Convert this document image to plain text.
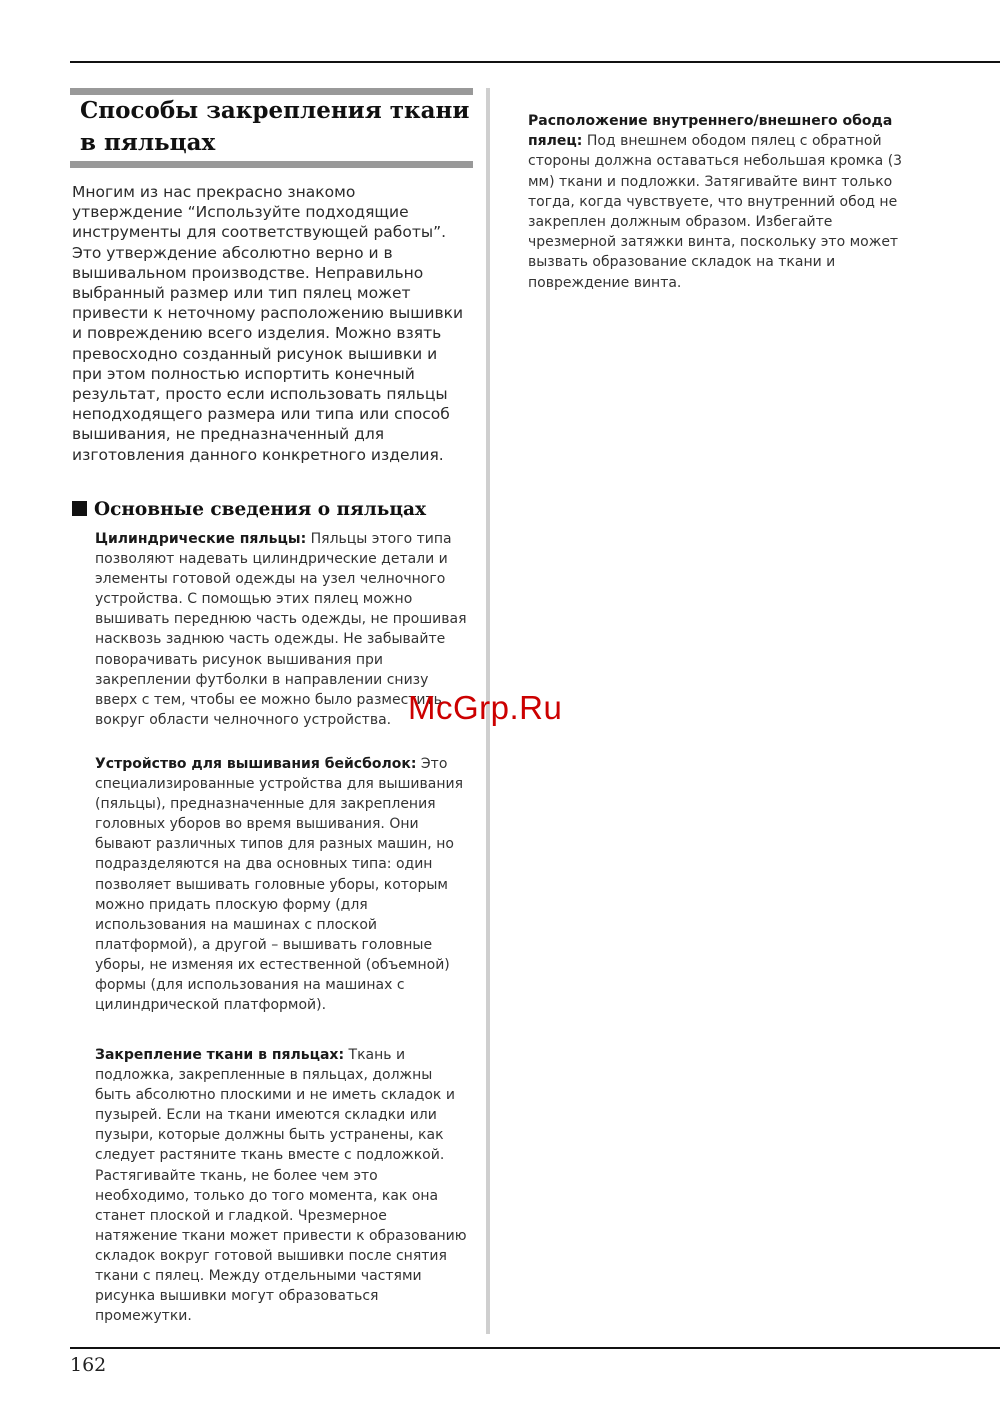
Способы закрепления ткани в пяльцах

Многим из нас прекрасно знакомо утверждение “Используйте подходящие инструменты для соответствующей работы”. Это утверждение абсолютно верно и в вышивальном производстве. Неправильно выбранный размер или тип пялец может привести к неточному расположению вышивки и повреждению всего изделия. Можно взять превосходно созданный рисунок вышивки и при этом полностью испортить конечный результат, просто если использовать пяльцы неподходящего размера или типа или способ вышивания, не предназначенный для изготовления данного конкретного изделия.

Основные сведения о пяльцах

Цилиндрические пяльцы: Пяльцы этого типа позволяют надевать цилиндрические детали и элементы готовой одежды на узел челночного устройства. С помощью этих пялец можно вышивать переднюю часть одежды, не прошивая насквозь заднюю часть одежды. Не забывайте поворачивать рисунок вышивания при закреплении футболки в направлении снизу вверх с тем, чтобы ее можно было разместить вокруг области челночного устройства.

Устройство для вышивания бейсболок: Это специализированные устройства для вышивания (пяльцы), предназначенные для закрепления головных уборов во время вышивания. Они бывают различных типов для разных машин, но подразделяются на два основных типа: один позволяет вышивать головные уборы, которым можно придать плоскую форму (для использования на машинах с плоской платформой), а другой – вышивать головные уборы, не изменяя их естественной (объемной) формы (для использования на машинах с цилиндрической платформой).

Закрепление ткани в пяльцах: Ткань и подложка, закрепленные в пяльцах, должны быть абсолютно плоскими и не иметь складок и пузырей. Если на ткани имеются складки или пузыри, которые должны быть устранены, как следует растяните ткань вместе с подложкой. Растягивайте ткань, не более чем это необходимо, только до того момента, как она станет плоской и гладкой. Чрезмерное натяжение ткани может привести к образованию складок вокруг готовой вышивки после снятия ткани с пялец. Между отдельными частями рисунка вышивки могут образоваться промежутки.

Расположение внутреннего/внешнего обода пялец: Под внешнем ободом пялец с обратной стороны должна оставаться небольшая кромка (3 мм) ткани и подложки. Затягивайте винт только тогда, когда чувствуете, что внутренний обод не закреплен должным образом. Избегайте чрезмерной затяжки винта, поскольку это может вызвать образование складок на ткани и повреждение винта.

McGrp.Ru

162
